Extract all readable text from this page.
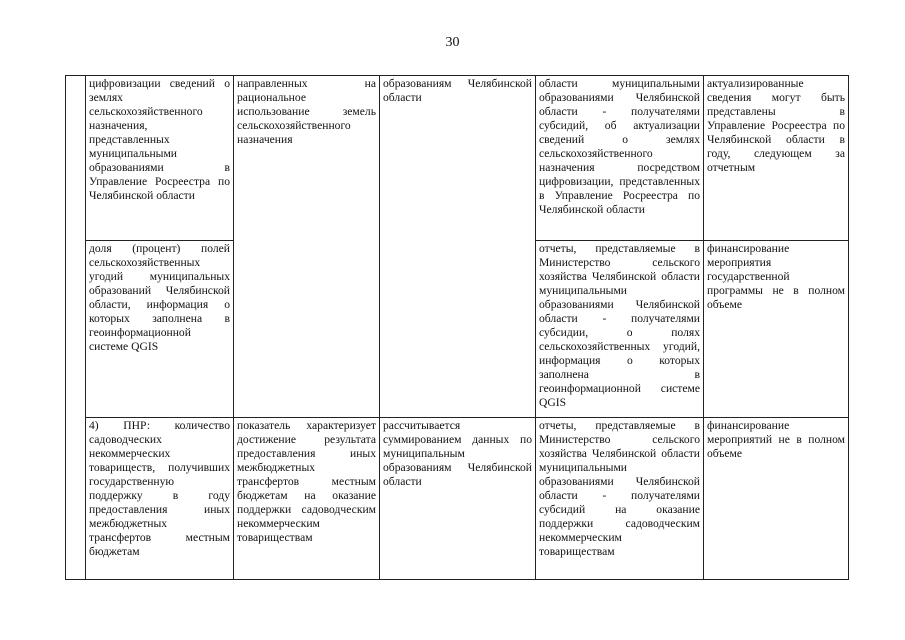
30

	цифровизации сведений о землях сельскохозяйственного назначения, представленных муниципальными образованиями в Управление Росреестра по Челябинской области	направленных на рациональное использование земель сельскохозяйственного назначения	образованиям Челябинской области	области муниципальными образованиями Челябинской области - получателями субсидий, об актуализации сведений о землях сельскохозяйственного назначения посредством цифровизации, представленных в Управление Росреестра по Челябинской области	актуализированные сведения могут быть представлены в Управление Росреестра по Челябинской области в году, следующем за отчетным

	доля (процент) полей сельскохозяйственных угодий муниципальных образований Челябинской области, информация о которых заполнена в геоинформационной системе QGIS			отчеты, представляемые в Министерство сельского хозяйства Челябинской области муниципальными образованиями Челябинской области - получателями субсидии, о полях сельскохозяйственных угодий, информация о которых заполнена в геоинформационной системе QGIS	финансирование мероприятия государственной программы не в полном объеме

	4) ПНР: количество садоводческих некоммерческих товариществ, получивших государственную поддержку в году предоставления иных межбюджетных трансфертов местным бюджетам	показатель характеризует достижение результата предоставления иных межбюджетных трансфертов местным бюджетам на оказание поддержки садоводческим некоммерческим товариществам	рассчитывается суммированием данных по муниципальным образованиям Челябинской области	отчеты, представляемые в Министерство сельского хозяйства Челябинской области муниципальными образованиями Челябинской области - получателями субсидий на оказание поддержки садоводческим некоммерческим товариществам	финансирование мероприятий не в полном объеме
